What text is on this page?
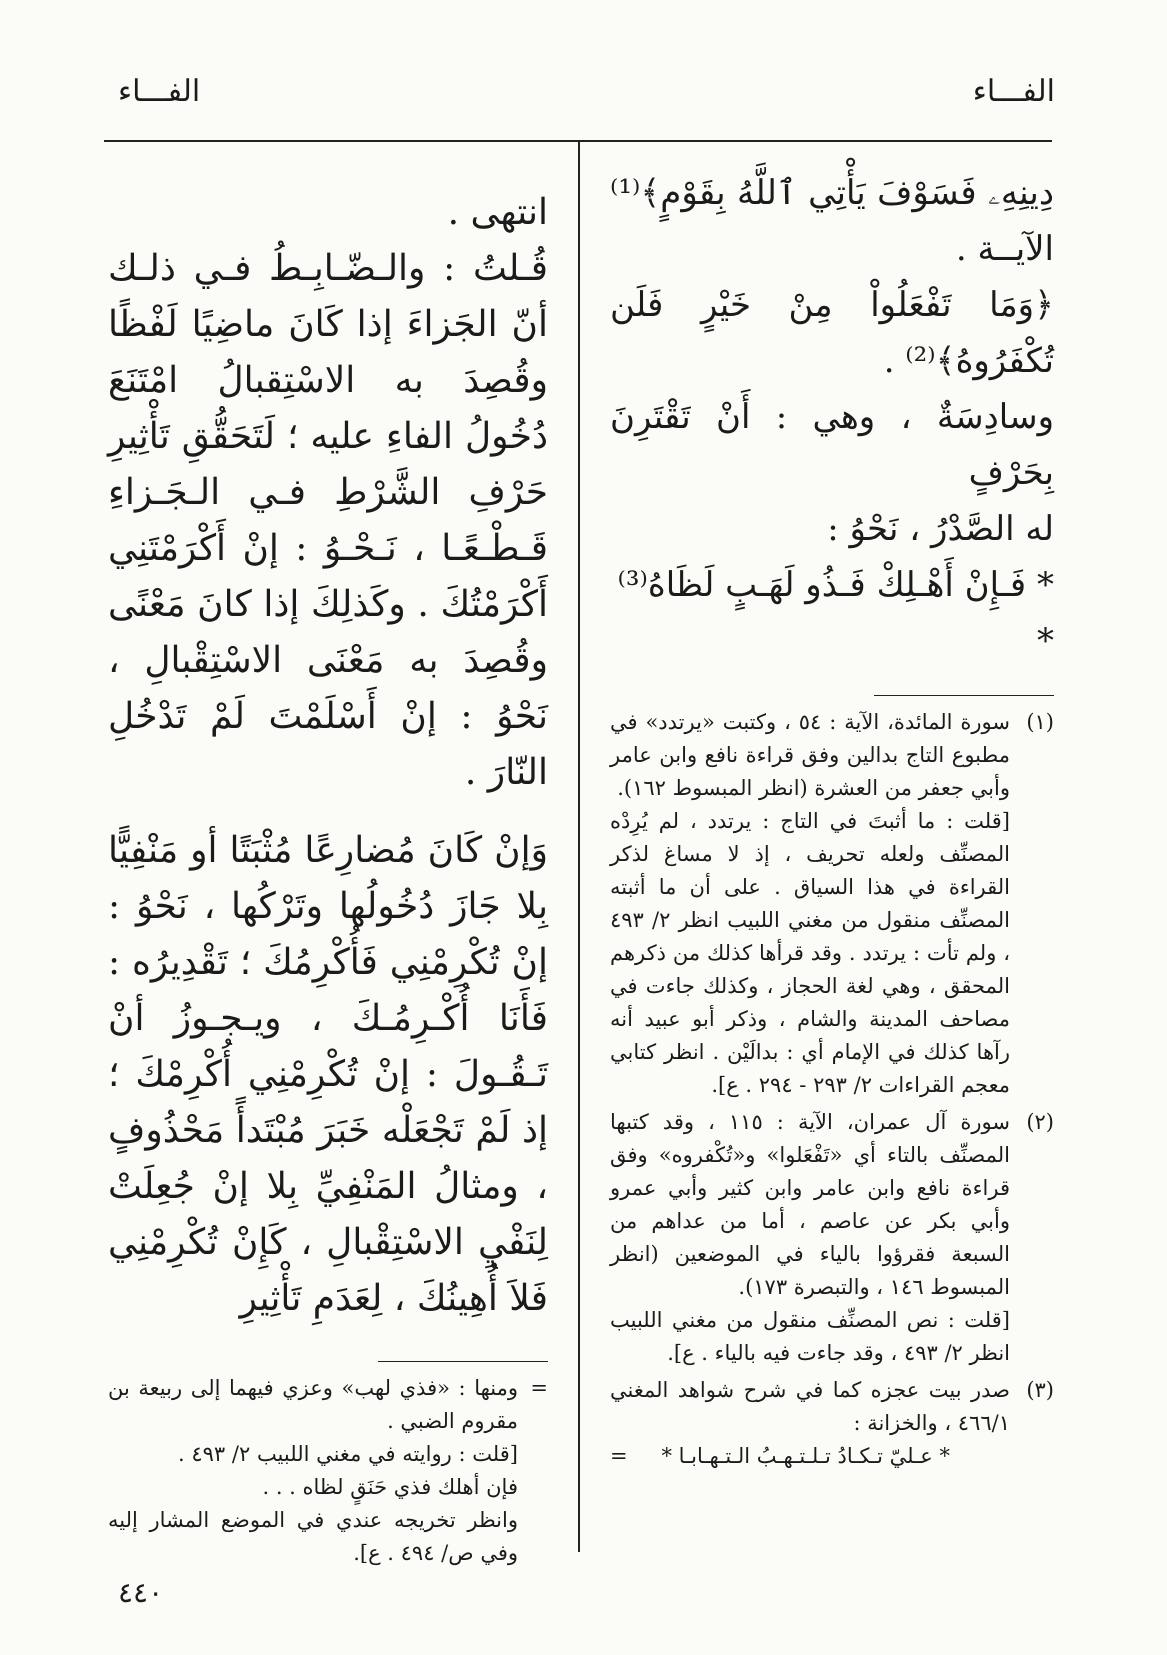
الفـــاء
الفـــاء

دِينِهِۦ فَسَوْفَ يَأْتِي ٱللَّهُ بِقَوْمٍ﴾⁽¹⁾ الآيــة .

﴿وَمَا تَفْعَلُواْ مِنْ خَيْرٍ فَلَن تُكْفَرُوهُ﴾⁽²⁾ .

وسادِسَةٌ ، وهي : أَنْ تَقْتَرِنَ بِحَرْفٍ

له الصَّدْرُ ، نَحْوُ :

* فَـإِنْ أَهْـلِكْ فَـذُو لَهَـبٍ لَظَاهُ⁽³⁾ *

(١)

سورة المائدة، الآية : ٥٤ ، وكتبت «يرتدد» في مطبوع التاج بدالين وفق قراءة نافع وابن عامر وأبي جعفر من العشرة (انظر المبسوط ١٦٢).

[قلت : ما أثبتَ في التاج : يرتدد ، لم يُرِدْه المصنِّف ولعله تحريف ، إذ لا مساغ لذكر القراءة في هذا السياق . على أن ما أثبته المصنِّف منقول من مغني اللبيب انظر ٢/ ٤٩٣ ، ولم تأت : يرتدد . وقد قرأها كذلك من ذكرهم المحقق ، وهي لغة الحجاز ، وكذلك جاءت في مصاحف المدينة والشام ، وذكر أبو عبيد أنه رآها كذلك في الإمام أي : بدالَيْن . انظر كتابي معجم القراءات ٢/ ٢٩٣ - ٢٩٤ . ع].

(٢)

سورة آل عمران، الآية : ١١٥ ، وقد كتبها المصنِّف بالتاء أي «تَفْعَلوا» و«تُكْفروه» وفق قراءة نافع وابن عامر وابن كثير وأبي عمرو وأبي بكر عن عاصم ، أما من عداهم من السبعة فقرؤوا بالياء في الموضعين (انظر المبسوط ١٤٦ ، والتبصرة ١٧٣).

[قلت : نص المصنِّف منقول من مغني اللبيب انظر ٢/ ٤٩٣ ، وقد جاءت فيه بالياء . ع].

(٣)

صدر بيت عجزه كما في شرح شواهد المغني ٤٦٦/١ ، والخزانة :

* عـليّ تـكـادُ تـلـتـهـبُ الـتـهـابـا *

=

انتهى .

قُـلتُ : والـضّـابِـطُ فـي ذلـك أنّ الجَزاءَ إذا كَانَ ماضِيًا لَفْظًا وقُصِدَ به الاسْتِقبالُ امْتَنَعَ دُخُولُ الفاءِ عليه ؛ لَتَحَقُّقِ تَأْثِيرِ حَرْفِ الشَّرْطِ فـي الـجَـزاءِ قَـطْـعًـا ، نَـحْـوُ : إنْ أَكْرَمْتَنِي أَكْرَمْتُكَ . وكَذلِكَ إذا كانَ مَعْنًى وقُصِدَ به مَعْنَى الاسْتِقْبالِ ، نَحْوُ : إنْ أَسْلَمْتَ لَمْ تَدْخُلِ النّارَ .

وَإنْ كَانَ مُضارِعًا مُثْبَتًا أو مَنْفِيًّا بِلا جَازَ دُخُولُها وتَرْكُها ، نَحْوُ : إنْ تُكْرِمْنِي فَأُكْرِمُكَ ؛ تَقْدِيرُه : فَأَنَا أُكْـرِمُـكَ ، ويـجـوزُ أنْ تَـقُـولَ : إنْ تُكْرِمْنِي أُكْرِمْكَ ؛ إذ لَمْ تَجْعَلْه خَبَرَ مُبْتَدأً مَحْذُوفٍ ، ومثالُ المَنْفِيِّ بِلا إنْ جُعِلَتْ لِنَفْيِ الاسْتِقْبالِ ، كَإِنْ تُكْرِمْنِي فَلاَ أُهِينُكَ ، لِعَدَمِ تَأْثِيرِ

=

ومنها : «فذي لهب» وعزي فيهما إلى ربيعة بن مقروم الضبي .

[قلت : روايته في مغني اللبيب ٢/ ٤٩٣ .

فإن أهلك فذي حَنَقٍ لظاه . . .

وانظر تخريجه عندي في الموضع المشار إليه وفي ص/ ٤٩٤ . ع].

٤٤٠
